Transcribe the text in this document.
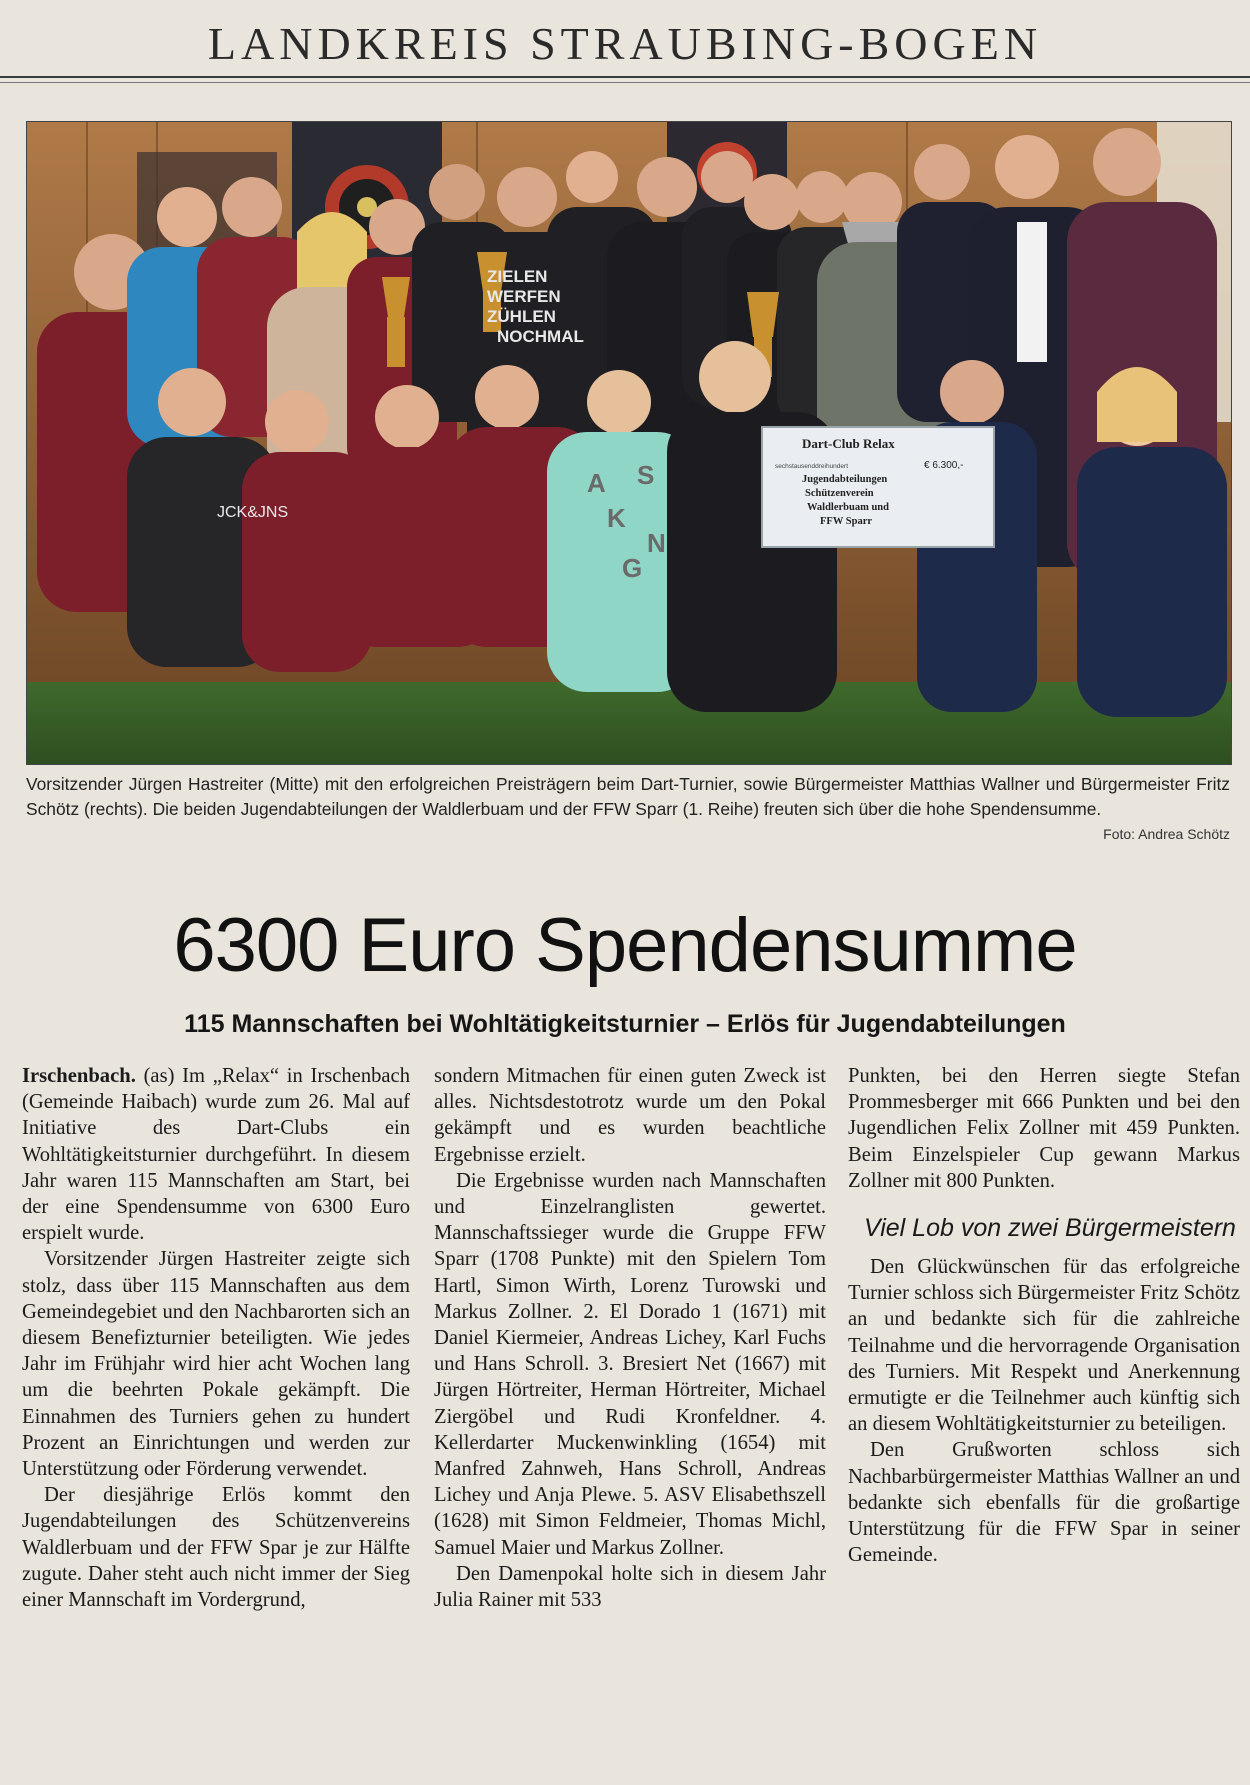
LANDKREIS STRAUBING-BOGEN
JCK&JNS
A S
K
N
G
ZIELEN
WERFEN
ZÜHLEN
NOCHMAL
Dart-Club Relax
sechstausenddreihundert	€ 6.300,-
Jugendabteilungen
Schützenverein
Waldlerbuam und
FFW Sparr
Vorsitzender Jürgen Hastreiter (Mitte) mit den erfolgreichen Preisträgern beim Dart-Turnier, sowie Bürgermeister Matthias Wallner und Bürgermeister Fritz Schötz (rechts). Die beiden Jugendabteilungen der Waldlerbuam und der FFW Sparr (1. Reihe) freuten sich über die hohe Spendensumme.
Foto: Andrea Schötz
6300 Euro Spendensumme
115 Mannschaften bei Wohltätigkeitsturnier – Erlös für Jugendabteilungen

Irschenbach. (as) Im „Relax“ in Irschenbach (Gemeinde Haibach) wurde zum 26. Mal auf Initiative des Dart-Clubs ein Wohltätigkeitsturnier durchgeführt. In diesem Jahr waren 115 Mannschaften am Start, bei der eine Spendensumme von 6300 Euro erspielt wurde.

Vorsitzender Jürgen Hastreiter zeigte sich stolz, dass über 115 Mannschaften aus dem Gemeindegebiet und den Nachbarorten sich an diesem Benefizturnier beteiligten. Wie jedes Jahr im Frühjahr wird hier acht Wochen lang um die beehrten Pokale gekämpft. Die Einnahmen des Turniers gehen zu hundert Prozent an Einrichtungen und werden zur Unterstützung oder Förderung verwendet.

Der diesjährige Erlös kommt den Jugendabteilungen des Schützenvereins Waldlerbuam und der FFW Spar je zur Hälfte zugute. Daher steht auch nicht immer der Sieg einer Mannschaft im Vordergrund,

sondern Mitmachen für einen guten Zweck ist alles. Nichtsdestotrotz wurde um den Pokal gekämpft und es wurden beachtliche Ergebnisse erzielt.

Die Ergebnisse wurden nach Mannschaften und Einzelranglisten gewertet. Mannschaftssieger wurde die Gruppe FFW Sparr (1708 Punkte) mit den Spielern Tom Hartl, Simon Wirth, Lorenz Turowski und Markus Zollner. 2. El Dorado 1 (1671) mit Daniel Kiermeier, Andreas Lichey, Karl Fuchs und Hans Schroll. 3. Bresiert Net (1667) mit Jürgen Hörtreiter, Herman Hörtreiter, Michael Ziergöbel und Rudi Kronfeldner. 4. Kellerdarter Muckenwinkling (1654) mit Manfred Zahnweh, Hans Schroll, Andreas Lichey und Anja Plewe. 5. ASV Elisabethszell (1628) mit Simon Feldmeier, Thomas Michl, Samuel Maier und Markus Zollner.

Den Damenpokal holte sich in diesem Jahr Julia Rainer mit 533

Punkten, bei den Herren siegte Stefan Prommesberger mit 666 Punkten und bei den Jugendlichen Felix Zollner mit 459 Punkten. Beim Einzelspieler Cup gewann Markus Zollner mit 800 Punkten.

Viel Lob von zwei Bürgermeistern

Den Glückwünschen für das erfolgreiche Turnier schloss sich Bürgermeister Fritz Schötz an und bedankte sich für die zahlreiche Teilnahme und die hervorragende Organisation des Turniers. Mit Respekt und Anerkennung ermutigte er die Teilnehmer auch künftig sich an diesem Wohltätigkeitsturnier zu beteiligen.

Den Grußworten schloss sich Nachbarbürgermeister Matthias Wallner an und bedankte sich ebenfalls für die großartige Unterstützung für die FFW Spar in seiner Gemeinde.
